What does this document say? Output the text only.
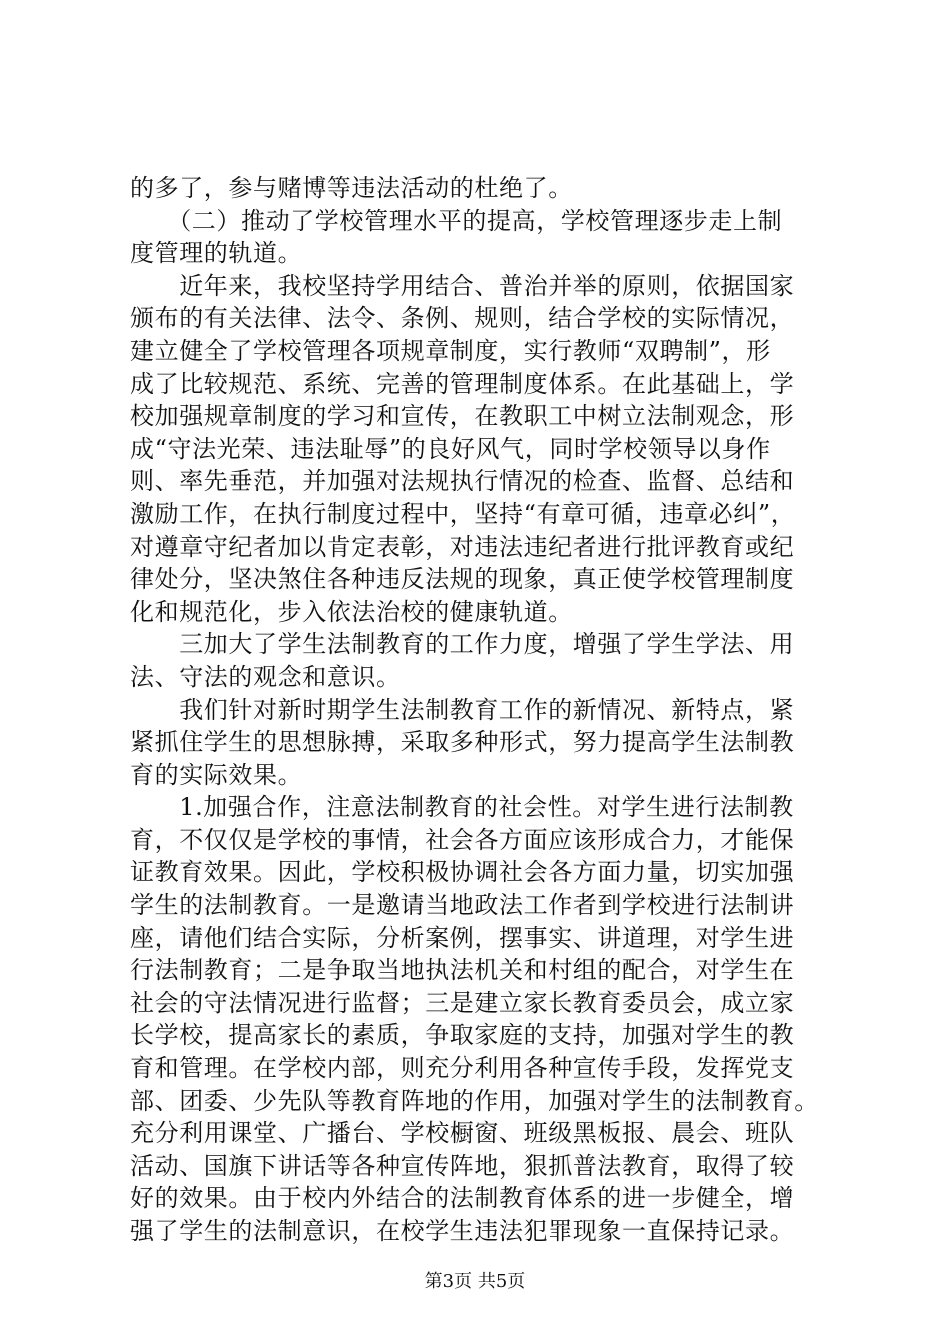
的多了，参与赌博等违法活动的杜绝了。
　　（二）推动了学校管理水平的提高，学校管理逐步走上制
度管理的轨道。
　　近年来，我校坚持学用结合、普治并举的原则，依据国家
颁布的有关法律、法令、条例、规则，结合学校的实际情况，
建立健全了学校管理各项规章制度，实行教师“双聘制”，形
成了比较规范、系统、完善的管理制度体系。在此基础上，学
校加强规章制度的学习和宣传，在教职工中树立法制观念，形
成“守法光荣、违法耻辱”的良好风气，同时学校领导以身作
则、率先垂范，并加强对法规执行情况的检查、监督、总结和
激励工作，在执行制度过程中，坚持“有章可循，违章必纠”，
对遵章守纪者加以肯定表彰，对违法违纪者进行批评教育或纪
律处分，坚决煞住各种违反法规的现象，真正使学校管理制度
化和规范化，步入依法治校的健康轨道。
　　三加大了学生法制教育的工作力度，增强了学生学法、用
法、守法的观念和意识。
　　我们针对新时期学生法制教育工作的新情况、新特点，紧
紧抓住学生的思想脉搏，采取多种形式，努力提高学生法制教
育的实际效果。
　　1.加强合作，注意法制教育的社会性。对学生进行法制教
育，不仅仅是学校的事情，社会各方面应该形成合力，才能保
证教育效果。因此，学校积极协调社会各方面力量，切实加强
学生的法制教育。一是邀请当地政法工作者到学校进行法制讲
座，请他们结合实际，分析案例，摆事实、讲道理，对学生进
行法制教育；二是争取当地执法机关和村组的配合，对学生在
社会的守法情况进行监督；三是建立家长教育委员会，成立家
长学校，提高家长的素质，争取家庭的支持，加强对学生的教
育和管理。在学校内部，则充分利用各种宣传手段，发挥党支
部、团委、少先队等教育阵地的作用，加强对学生的法制教育。
充分利用课堂、广播台、学校橱窗、班级黑板报、晨会、班队
活动、国旗下讲话等各种宣传阵地，狠抓普法教育，取得了较
好的效果。由于校内外结合的法制教育体系的进一步健全，增
强了学生的法制意识，在校学生违法犯罪现象一直保持记录。
第3页 共5页
